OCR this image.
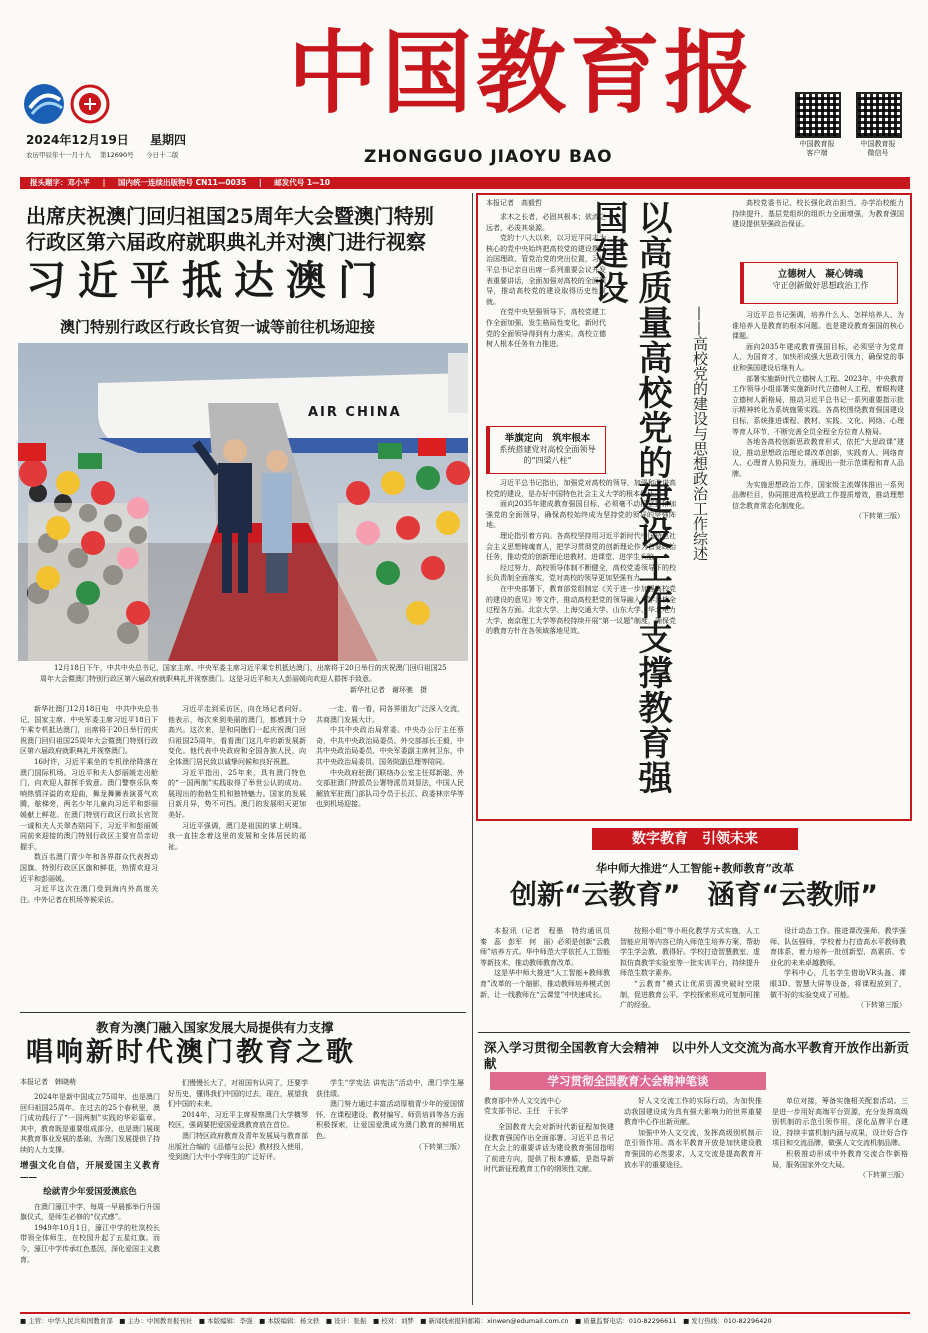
2024年12月19日 星期四
农历甲辰年十一月十九 第12690号 今日十二版
中国教育报
ZHONGGUO JIAOYU BAO
中国教育报
客户端
中国教育报
微信号
报头题字：邓小平 | 国内统一连续出版物号 CN11—0035 | 邮发代号 1—10
出席庆祝澳门回归祖国25周年大会暨澳门特别
行政区第六届政府就职典礼并对澳门进行视察
习近平抵达澳门
澳门特别行政区行政长官贺一诚等前往机场迎接
AIR CHINA
12月18日下午，中共中央总书记、国家主席、中央军委主席习近平乘专机抵达澳门，出席将于20日举行的庆祝澳门回归祖国25周年大会暨澳门特别行政区第六届政府就职典礼并视察澳门。这是习近平和夫人彭丽媛向欢迎人群挥手致意。
新华社记者　谢环驰　摄

新华社澳门12月18日电　中共中央总书记、国家主席、中央军委主席习近平18日下午乘专机抵达澳门，出席将于20日举行的庆祝澳门回归祖国25周年大会暨澳门特别行政区第六届政府就职典礼并视察澳门。

16时许，习近平乘坐的专机徐徐降落在澳门国际机场。习近平和夫人彭丽媛走出舱门，向欢迎人群挥手致意。澳门警察乐队奏响热情洋溢的欢迎曲，舞龙舞狮表演喜气欢腾，舷梯旁，两名少年儿童向习近平和彭丽媛献上鲜花。在澳门特别行政区行政长官贺一诚和夫人关翠杏陪同下，习近平和彭丽媛同前来迎接的澳门特别行政区主要官员亲切握手。

数百名澳门青少年和各界群众代表挥动国旗、特别行政区区旗和鲜花，热情欢迎习近平和彭丽媛。

习近平这次在澳门受到海内外高度关注。中外记者在机场等候采访。

习近平走到采访区，向在场记者问好。他表示，每次来到美丽的澳门，都感到十分高兴。这次来，是和同胞们一起庆祝澳门回归祖国25周年，看看澳门这几年的新发展新变化。他代表中央政府和全国各族人民，向全体澳门居民致以诚挚问候和良好祝愿。

习近平指出，25年来，具有澳门特色的“一国两制”实践取得了举世公认的成功。展现出的勃勃生机和独特魅力。国家的发展日新月异，势不可挡。澳门的发展明天更加美好。

习近平强调，澳门是祖国的掌上明珠。我一直挂念着这里的发展和全体居民的福祉。

一走、看一看，同各界朋友广泛深入交流，共商澳门发展大计。

中共中央政治局常委、中央办公厅主任蔡奇，中共中央政治局委员、外交部部长王毅，中共中央政治局委员、中央军委副主席何卫东，中共中央政治局委员、国务院副总理等陪同。

中央政府驻澳门联络办公室主任郑新聪，外交部驻澳门特派员公署特派员刘显法，中国人民解放军驻澳门部队司令员于长江、政委林宗华等也到机场迎接。

教育为澳门融入国家发展大局提供有力支撑
唱响新时代澳门教育之歌
本报记者　韩晓萌

2024年是新中国成立75周年，也是澳门回归祖国25周年。在过去的25个春秋里，澳门成功践行了“一国两制”实践的华彩篇章。其中，教育既是重要组成部分，也是澳门展现其教育事业发展的基础，为澳门发展提供了持续的人力支撑。

增强文化自信，开展爱国主义教育——
绘就青少年爱国爱澳底色

在澳门濠江中学，每周一早晨都举行升国旗仪式，是师生必修的“仪式感”。

1949年10月1日，濠江中学的杜岚校长带领全体师生，在校园升起了五星红旗。而今，濠江中学传承红色基因，深化爱国主义教育。

们慢慢长大了，对祖国有认同了，还要学好历史，懂得我们中国的过去，现在，展望我们中国的未来。

2014年，习近平主席视察澳门大学横琴校区，强调要把爱国爱澳教育放在首位。

澳门特区政府教育及青年发展局与教育部出版社合编的《品德与公民》教材投入使用，受到澳门大中小学师生的广泛好评。

学生“学宪法 讲宪法”活动中，澳门学生屡获佳绩。

澳门努力通过丰富活动厚植青少年的爱国情怀，在课程建设、教材编写、师资培训等各方面积极探索，让爱国爱澳成为澳门教育的鲜明底色。

（下转第三版）
本报记者　高毅哲

求木之长者，必固其根本；欲流之远者，必浚其泉源。

党的十八大以来，以习近平同志为核心的党中央始终把高校党的建设摆在治国理政、管党治党的突出位置，习近平总书记亲自出席一系列重要会议并发表重要讲话，全面加强对高校的全面领导，推动高校党的建设取得历史性成就。

在党中央坚强领导下，高校党建工作全面加强，发生格局性变化，新时代党的全面领导得到有力落实，高校立德树人根本任务有力推进。

举旗定向　筑牢根本
系统搭建党对高校全面领导的“四梁八柱”

习近平总书记指出，加强党对高校的领导，加强和改进高校党的建设，是办好中国特色社会主义大学的根本保证。

面向2035年建成教育强国目标，必须毫不动摇坚持和加强党的全面领导，确保高校始终成为坚持党的领导的坚强阵地。

理论指引着方向。各高校坚持用习近平新时代中国特色社会主义思想铸魂育人，把学习贯彻党的创新理论作为首要政治任务，推动党的创新理论进教材、进课堂、进学生头脑。

经过努力，高校领导体制不断健全，高校党委领导下的校长负责制全面落实，党对高校的领导更加坚强有力。

在中央部署下，教育部党组制定《关于进一步加强高校党的建设的意见》等文件，推动高校把党的领导融入办学治校全过程各方面。北京大学、上海交通大学、山东大学、华北电力大学、南京理工大学等高校持续开展“第一议题”制度，确保党的教育方针在各领域落地见效。	以高质量高校党的建设工作支撑教育强国建设
——高校党的建设与思想政治工作综述

高校党委书记、校长强化政治担当，办学治校能力持续提升，基层党组织的组织力全面增强，为教育强国建设提供坚强政治保证。

立德树人　凝心铸魂
守正创新做好思想政治工作

习近平总书记强调，培养什么人、怎样培养人、为谁培养人是教育的根本问题。也是建设教育强国的核心课题。

面向2035年建成教育强国目标，必须坚守为党育人、为国育才，加快形成强大思政引领力，确保党的事业和强国建设后继有人。

部署实施新时代立德树人工程。2023年，中央教育工作领导小组部署实施新时代立德树人工程，着眼构建立德树人新格局，推动习近平总书记一系列重要指示批示精神转化为系统施策实践。各高校围绕教育强国建设目标，系统推进课程、教材、实践、文化、网络、心理等育人环节，不断完善全员全程全方位育人格局。

各地各高校创新思政教育形式，依托“大思政课”建设，推动思想政治理论课改革创新，实践育人、网络育人、心理育人协同发力，涌现出一批示范课程和育人品牌。

为实施思想政治工作，国家级主流媒体推出一系列品牌栏目，协同推进高校思政工作提质增效，推动理想信念教育常态化制度化。

（下转第三版）
数字教育　引领未来
华中师大推进“人工智能+教师教育”改革
创新“云教育”　涵育“云教师”

本报讯（记者　程墨　特约通讯员　秦　蕊　彭军　何　丽）必须是创新“云教师”培养方式。华中师范大学依托人工智能等新技术，推动教师教育改革。

这是华中师大推进“人工智能+教师教育”改革的一个缩影，推动教师培养模式创新，让一线教师在“云课堂”中快速成长。

按照小组“等小班化教学方式实施，人工智能应用等内容已纳入师范生培养方案，帮助学生学会教、教得好。学校打造智慧教室、虚拟仿真教学实验室等一批实训平台，持续提升师范生数字素养。

“云教育”模式让优质资源突破时空限制，促进教育公平。学校探索形成可复制可推广的经验。

设计动态工作。推进课改强师、教学强师、队伍强师，学校着力打造高水平教师教育体系，着力培养一批创新型、高素质、专业化的未来卓越教师。

学科中心，几名学生借助VR头盔、裸眼3D、智慧大屏等设备，将课程放到了，做不好的实验变成了可能。

（下转第三版）
深入学习贯彻全国教育大会精神　以中外人文交流为高水平教育开放作出新贡献
学习贯彻全国教育大会精神笔谈
教育部中外人文交流中心
党支部书记、主任　于长学

全国教育大会对新时代新征程加快建设教育强国作出全面部署。习近平总书记在大会上的重要讲话为建设教育强国指明了前进方向，提供了根本遵循，是指导新时代新征程教育工作的纲领性文献。

好人文交流工作的实际行动，为加快推动我国建设成为具有强大影响力的世界重要教育中心作出新贡献。

加强中外人文交流，发挥高级别机制示范引领作用。高水平教育开放是加快建设教育强国的必然要求，人文交流是提高教育开放水平的重要途径。

单位对接，筹备实施相关配套活动。三是进一步用好高端平台资源，充分发挥高级别机制的示范引领作用，深化品牌平台建设，持续丰富机制内涵与成果，设计好合作项目和交流品牌，做强人文交流机制品牌。

积极推动形成中外教育交流合作新格局，服务国家外交大局。

（下转第三版）
■ 主管：中华人民共和国教育部　■ 主办：中国教育报刊社　■ 本版编辑：李强　■ 本版编辑：杨文轶　■ 设计：张振　■ 校对：刘梦　■ 新闻线索报料邮箱：xinwen@edumail.com.cn　■ 质量监督电话：010-82296611　■ 发行热线：010-82296420
